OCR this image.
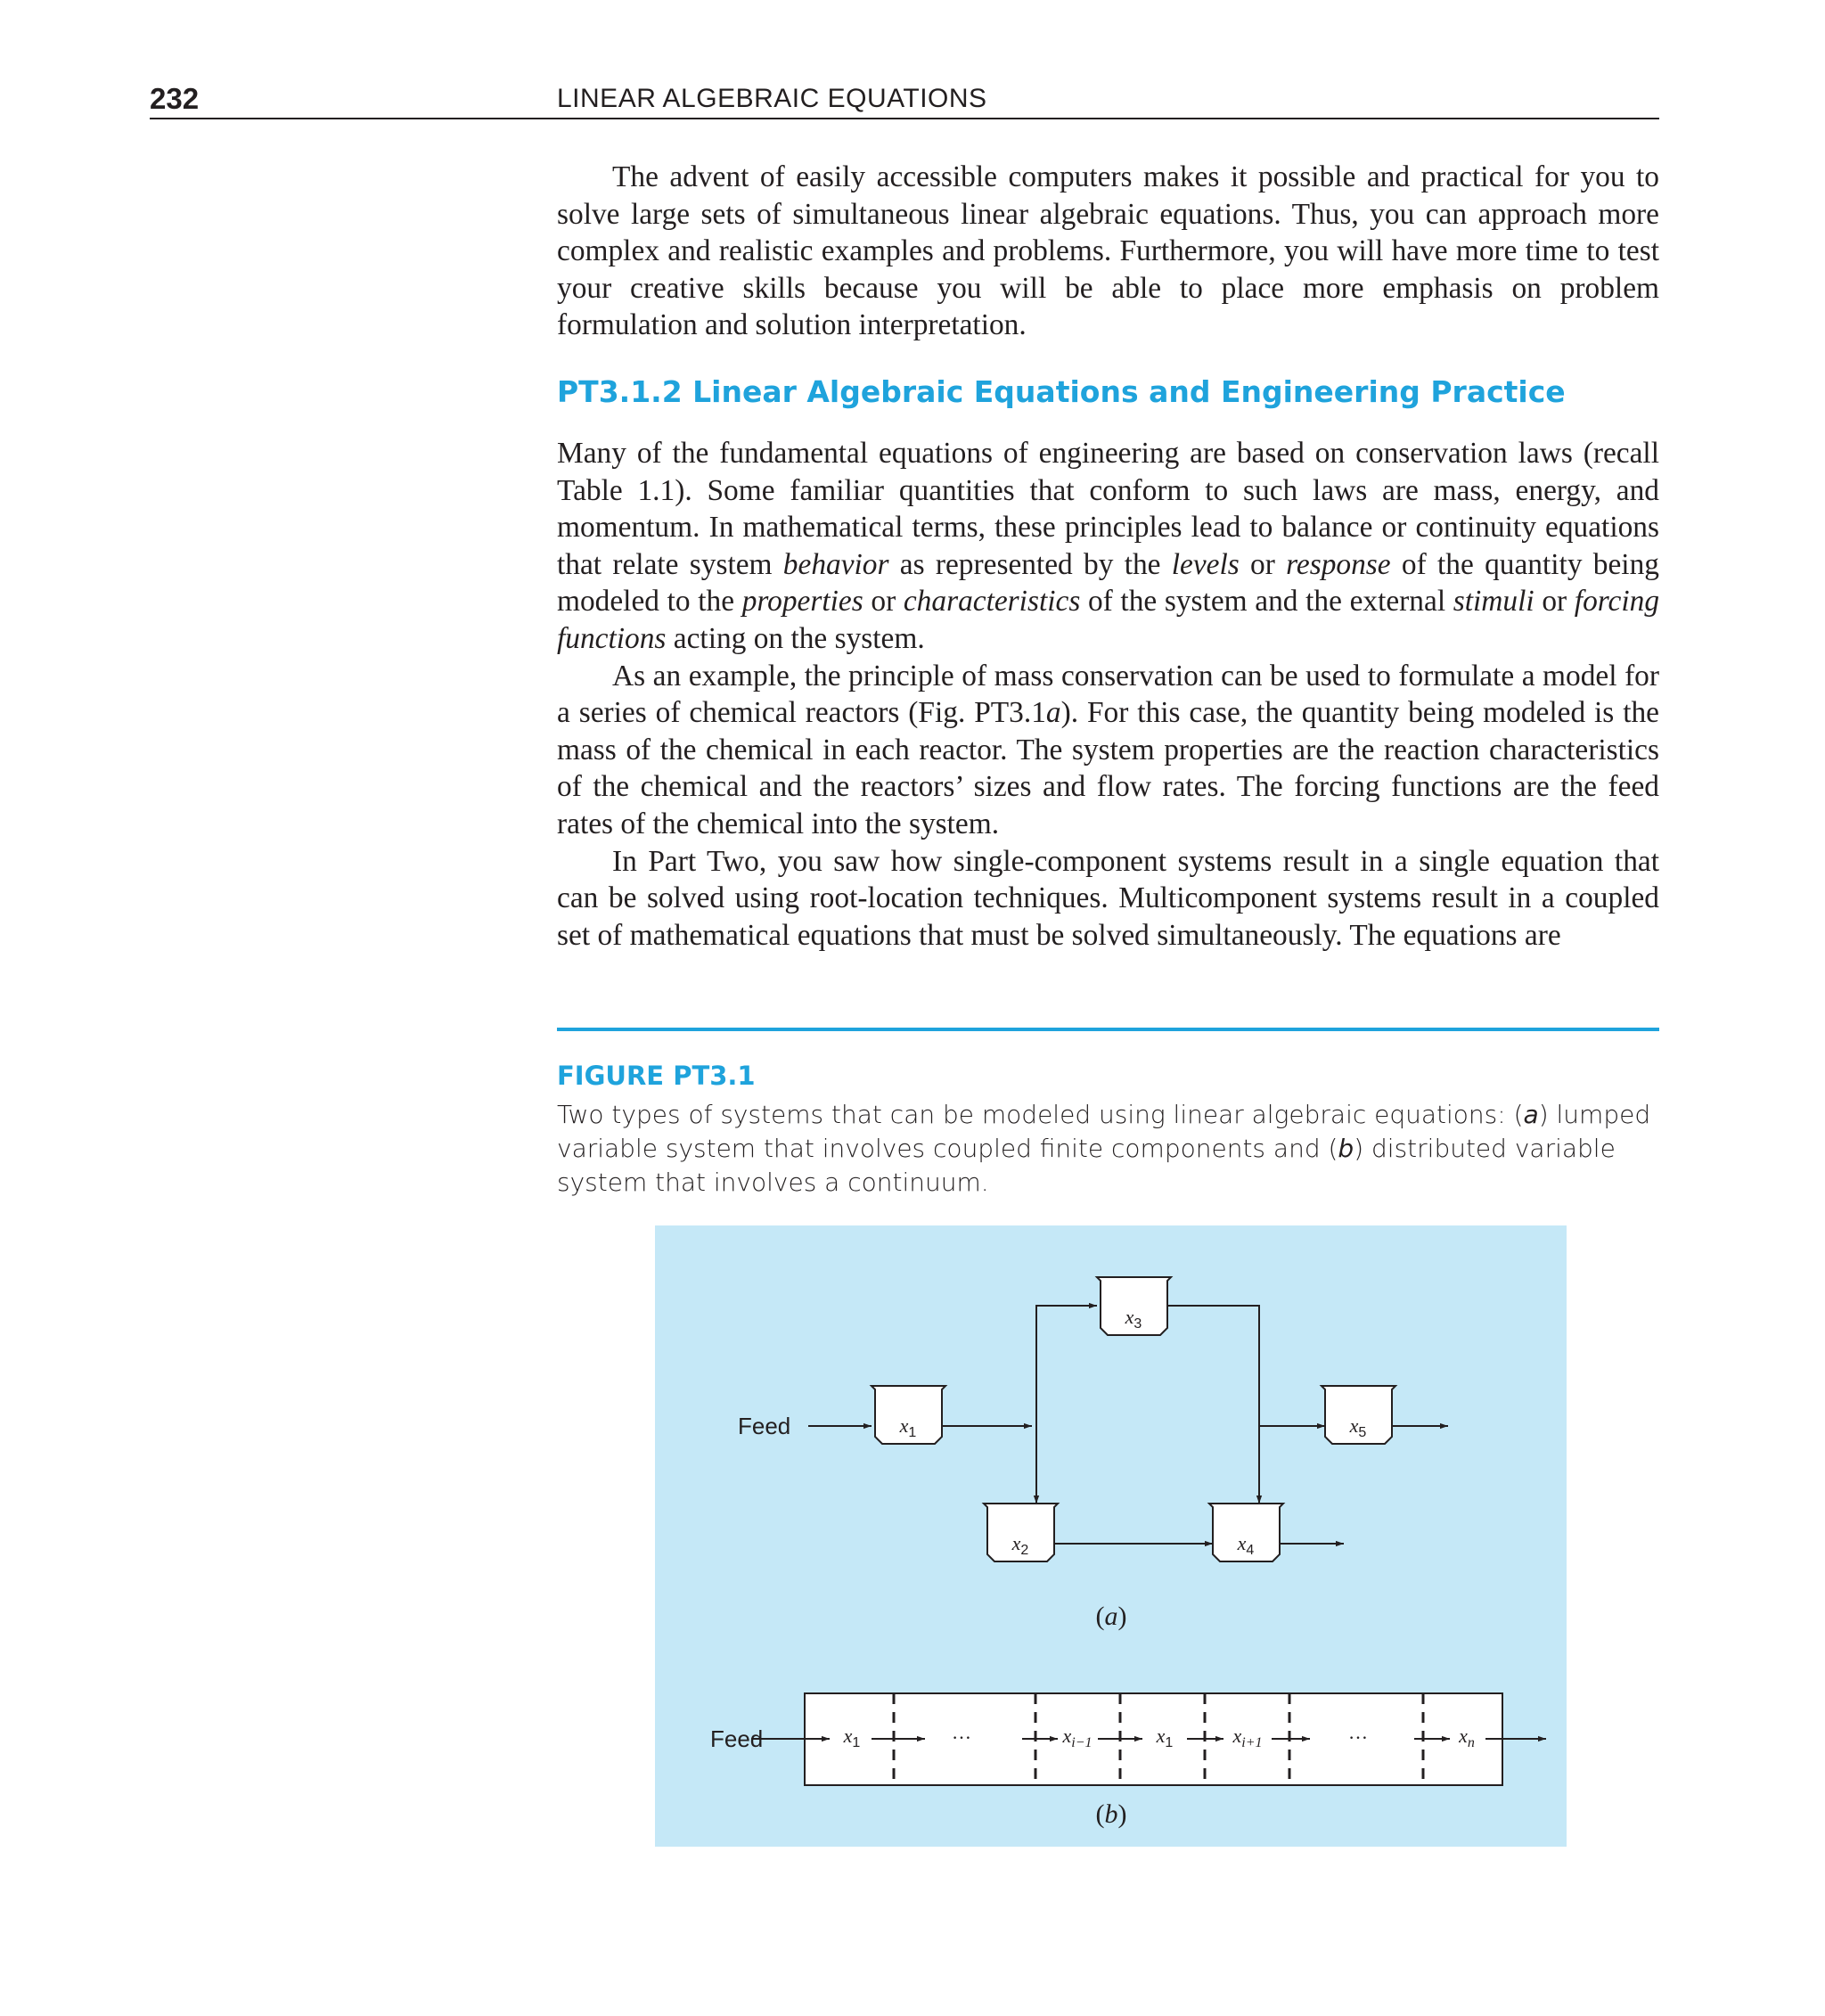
232	LINEAR ALGEBRAIC EQUATIONS

The advent of easily accessible computers makes it possible and practical for you to solve large sets of simultaneous linear algebraic equations. Thus, you can approach more complex and realistic examples and problems. Furthermore, you will have more time to test your creative skills because you will be able to place more emphasis on problem formulation and solution interpretation.

PT3.1.2 Linear Algebraic Equations and Engineering Practice

Many of the fundamental equations of engineering are based on conservation laws (recall Table 1.1). Some familiar quantities that conform to such laws are mass, energy, and momentum. In mathematical terms, these principles lead to balance or continuity equations that relate system behavior as represented by the levels or response of the quantity being modeled to the properties or characteristics of the system and the external stimuli or forcing functions acting on the system.

As an example, the principle of mass conservation can be used to formulate a model for a series of chemical reactors (Fig. PT3.1a). For this case, the quantity being modeled is the mass of the chemical in each reactor. The system properties are the reaction characteristics of the chemical and the reactors’ sizes and flow rates. The forcing functions are the feed rates of the chemical into the system.

In Part Two, you saw how single-component systems result in a single equation that can be solved using root-location techniques. Multicomponent systems result in a coupled set of mathematical equations that must be solved simultaneously. The equations are

FIGURE PT3.1

Two types of systems that can be modeled using linear algebraic equations: (a) lumped variable system that involves coupled finite components and (b) distributed variable system that involves a continuum.

$x_1$
$x_3$
$x_5$
$x_2$	$x_4$
Feed
(a)
Feed	$x_1$	…	$x_{i-1}$	$x_1$	$x_{i+1}$	…	$x_n$
(b)
